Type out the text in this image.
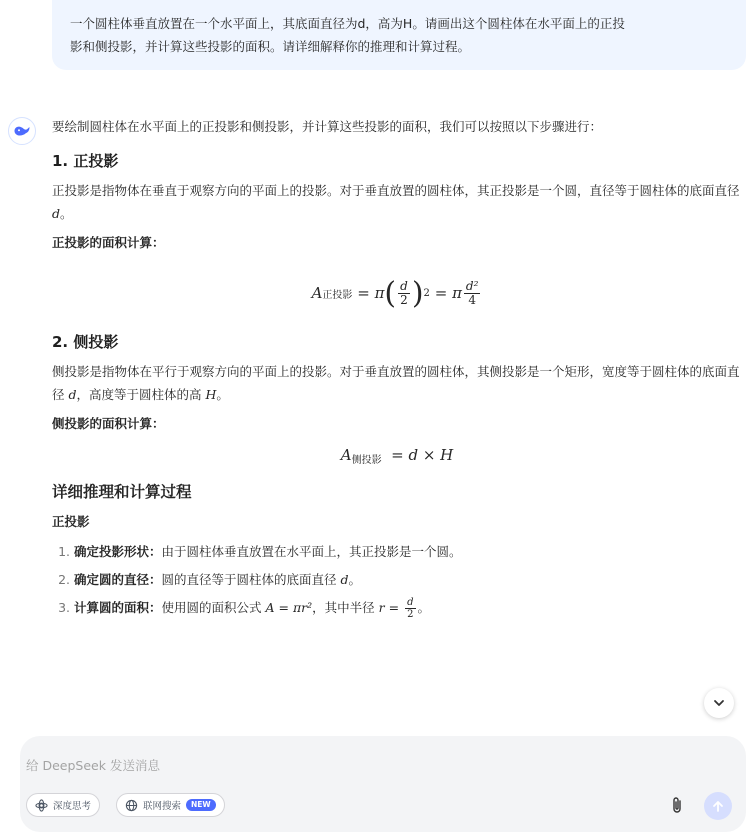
一个圆柱体垂直放置在一个水平面上，其底面直径为d，高为H。请画出这个圆柱体在水平面上的正投
影和侧投影，并计算这些投影的面积。请详细解释你的推理和计算过程。

要绘制圆柱体在水平面上的正投影和侧投影，并计算这些投影的面积，我们可以按照以下步骤进行：

1. 正投影

正投影是指物体在垂直于观察方向的平面上的投影。对于垂直放置的圆柱体，其正投影是一个圆，直径等于圆柱体的底面直径 d。

正投影的面积计算：

A 正投影
=
π ( $\frac{d}{2}$ ) 2
=
π $\frac{\text{d²}}{4}$
2. 侧投影

侧投影是指物体在平行于观察方向的平面上的投影。对于垂直放置的圆柱体，其侧投影是一个矩形，宽度等于圆柱体的底面直径 d，高度等于圆柱体的高 H。

侧投影的面积计算：

$A_{侧投影} = d \times H$
详细推理和计算过程

正投影

1. 确定投影形状：由于圆柱体垂直放置在水平面上，其正投影是一个圆。
2. 确定圆的直径：圆的直径等于圆柱体的底面直径 d。
3. 计算圆的面积：使用圆的面积公式 A = πr²，其中半径 $r = \frac{d}{2}$ 。
给 DeepSeek 发送消息
深度思考	联网搜索	NEW
